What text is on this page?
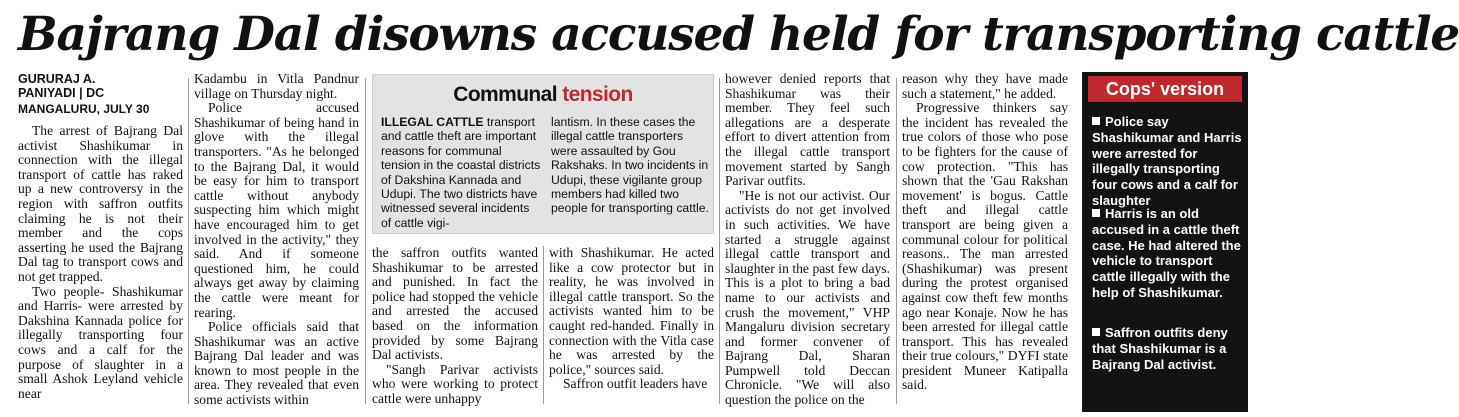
Bajrang Dal disowns accused held for transporting cattle
GURURAJ A.
PANIYADI | DC
MANGALURU, JULY 30

The arrest of Bajrang Dal activist Shashikumar in connection with the illegal transport of cattle has raked up a new controversy in the region with saffron outfits claiming he is not their member and the cops asserting he used the Bajrang Dal tag to transport cows and not get trapped.

Two people- Shashikumar and Harris- were arrested by Dakshina Kannada police for illegally transporting four cows and a calf for the purpose of slaughter in a small Ashok Leyland vehicle near

Kadambu in Vitla Pandnur village on Thursday night.

Police accused Shashikumar of being hand in glove with the illegal transporters. "As he belonged to the Bajrang Dal, it would be easy for him to transport cattle without anybody suspecting him which might have encouraged him to get involved in the activity," they said. And if someone questioned him, he could always get away by claiming the cattle were meant for rearing.

Police officials said that Shashikumar was an active Bajrang Dal leader and was known to most people in the area. They revealed that even some activists within

Communal tension
ILLEGAL CATTLE transport and cattle theft are important reasons for communal tension in the coastal districts of Dakshina Kannada and Udupi. The two districts have witnessed several incidents of cattle vigi-
lantism. In these cases the illegal cattle transporters were assaulted by Gou Rakshaks. In two incidents in Udupi, these vigilante group members had killed two people for transporting cattle.

the saffron outfits wanted Shashikumar to be arrested and punished. In fact the police had stopped the vehicle and arrested the accused based on the information provided by some Bajrang Dal activists.

"Sangh Parivar activists who were working to protect cattle were unhappy

with Shashikumar. He acted like a cow protector but in reality, he was involved in illegal cattle transport. So the activists wanted him to be caught red-handed. Finally in connection with the Vitla case he was arrested by the police," sources said.

Saffron outfit leaders have

however denied reports that Shashikumar was their member. They feel such allegations are a desperate effort to divert attention from the illegal cattle transport movement started by Sangh Parivar outfits.

"He is not our activist. Our activists do not get involved in such activities. We have started a struggle against illegal cattle transport and slaughter in the past few days. This is a plot to bring a bad name to our activists and crush the movement," VHP Mangaluru division secretary and former convener of Bajrang Dal, Sharan Pumpwell told Deccan Chronicle. "We will also question the police on the

reason why they have made such a statement," he added.

Progressive thinkers say the incident has revealed the true colors of those who pose to be fighters for the cause of cow protection. "This has shown that the 'Gau Rakshan movement' is bogus. Cattle theft and illegal cattle transport are being given a communal colour for political reasons.. The man arrested (Shashikumar) was present during the protest organised against cow theft few months ago near Konaje. Now he has been arrested for illegal cattle transport. This has revealed their true colours," DYFI state president Muneer Katipalla said.

Cops' version
Police say Shashikumar and Harris were arrested for illegally transporting four cows and a calf for slaughter
Harris is an old accused in a cattle theft case. He had altered the vehicle to transport cattle illegally with the help of Shashikumar.
Saffron outfits deny that Shashikumar is a Bajrang Dal activist.
